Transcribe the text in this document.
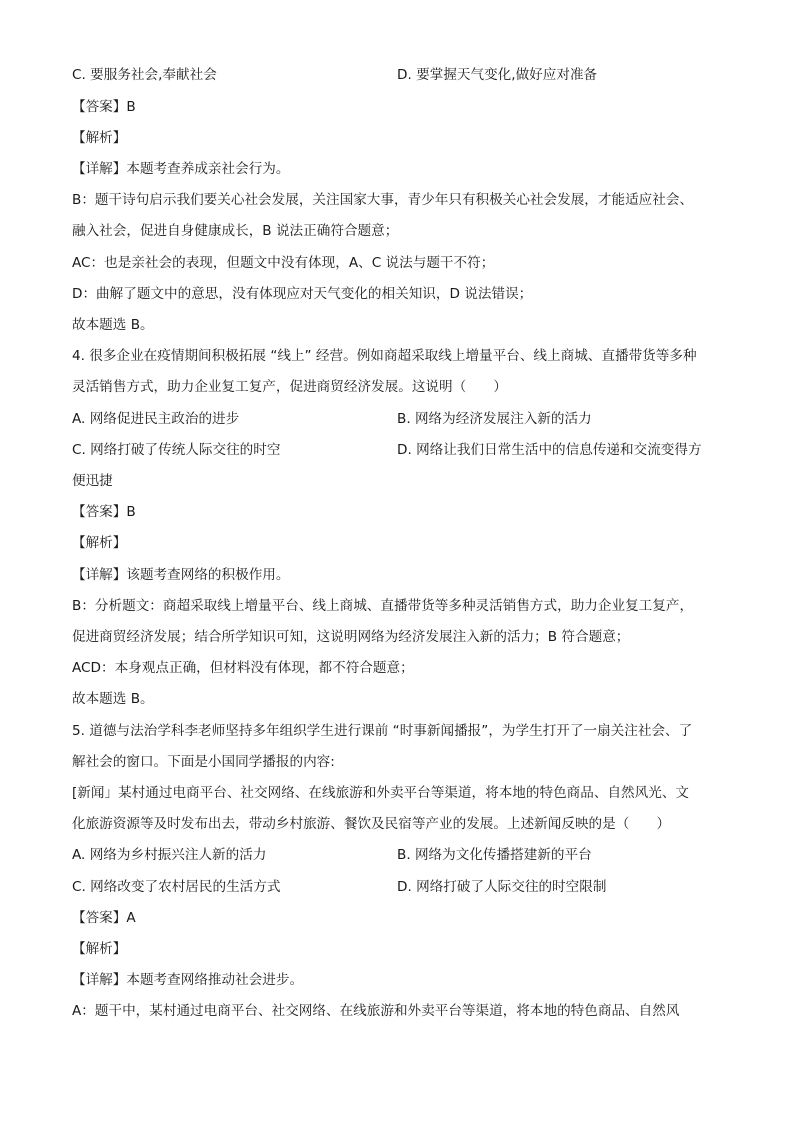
C. 要服务社会,奉献社会	D. 要掌握天气变化,做好应对准备
【答案】B
【解析】
【详解】本题考查养成亲社会行为。
B：题干诗句启示我们要关心社会发展，关注国家大事，青少年只有积极关心社会发展，才能适应社会、
融入社会，促进自身健康成长，B 说法正确符合题意；
AC：也是亲社会的表现，但题文中没有体现，A、C 说法与题干不符；
D：曲解了题文中的意思，没有体现应对天气变化的相关知识，D 说法错误；
故本题选 B。
4. 很多企业在疫情期间积极拓展 “线上” 经营。例如商超采取线上增量平台、线上商城、直播带货等多种
灵活销售方式，助力企业复工复产，促进商贸经济发展。这说明（　　）
A. 网络促进民主政治的进步	B. 网络为经济发展注入新的活力
C. 网络打破了传统人际交往的时空	D. 网络让我们日常生活中的信息传递和交流变得方
便迅捷
【答案】B
【解析】
【详解】该题考查网络的积极作用。
B：分析题文：商超采取线上增量平台、线上商城、直播带货等多种灵活销售方式，助力企业复工复产，
促进商贸经济发展；结合所学知识可知，这说明网络为经济发展注入新的活力；B 符合题意；
ACD：本身观点正确，但材料没有体现，都不符合题意；
故本题选 B。
5. 道德与法治学科李老师坚持多年组织学生进行课前 “时事新闻播报”，为学生打开了一扇关注社会、了
解社会的窗口。下面是小国同学播报的内容:
[新闻」某村通过电商平台、社交网络、在线旅游和外卖平台等渠道，将本地的特色商品、自然风光、文
化旅游资源等及时发布出去，带动乡村旅游、餐饮及民宿等产业的发展。上述新闻反映的是（　　）
A. 网络为乡村振兴注人新的活力	B. 网络为文化传播搭建新的平台
C. 网络改变了农村居民的生活方式	D. 网络打破了人际交往的时空限制
【答案】A
【解析】
【详解】本题考查网络推动社会进步。
A：题干中，某村通过电商平台、社交网络、在线旅游和外卖平台等渠道，将本地的特色商品、自然风
